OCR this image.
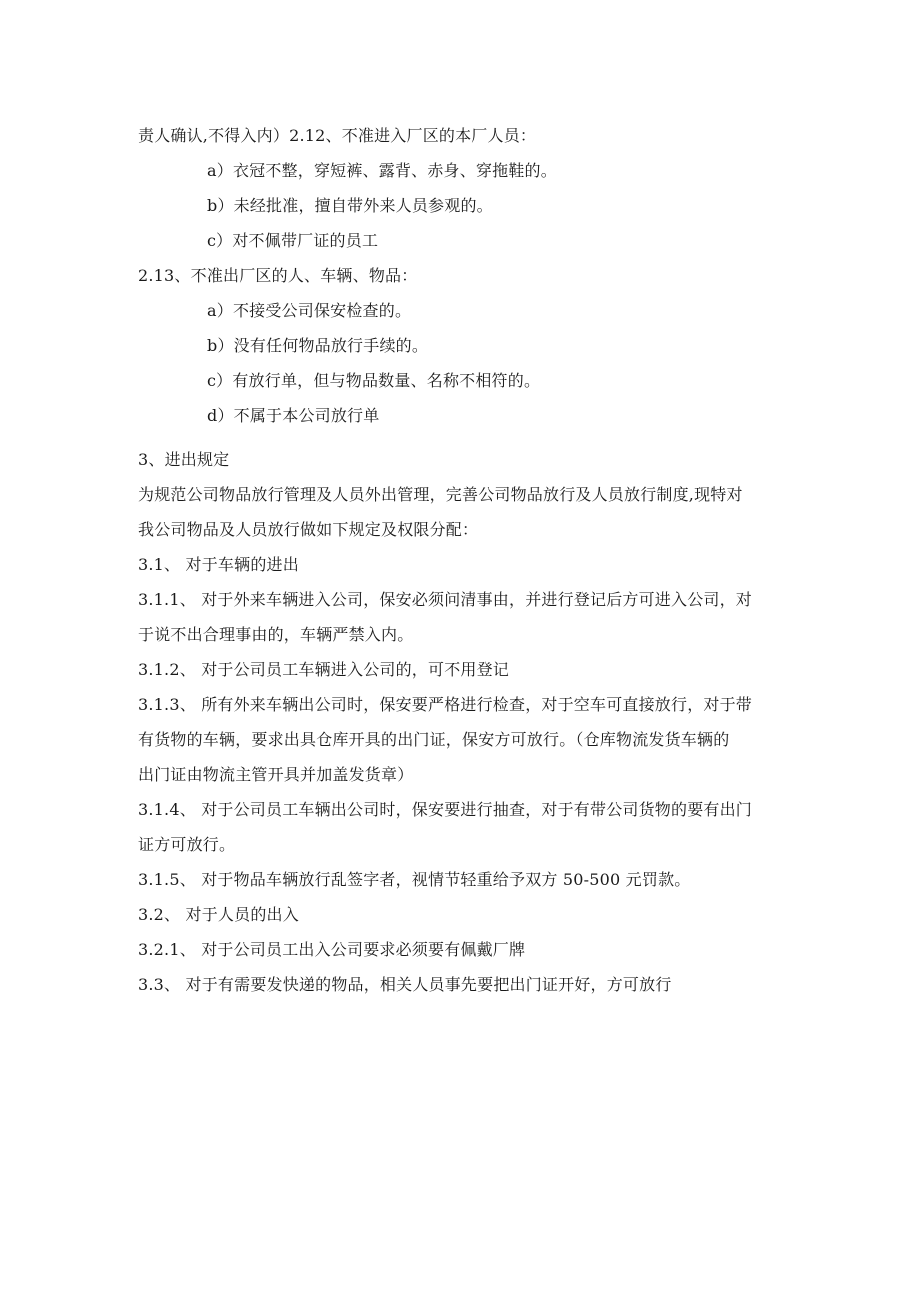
责人确认,不得入内）2.12、不准进入厂区的本厂人员：
a）衣冠不整，穿短裤、露背、赤身、穿拖鞋的。
b）未经批准，擅自带外来人员参观的。
c）对不佩带厂证的员工
2.13、不准出厂区的人、车辆、物品：
a）不接受公司保安检查的。
b）没有任何物品放行手续的。
c）有放行单，但与物品数量、名称不相符的。
d）不属于本公司放行单
3、进出规定
为规范公司物品放行管理及人员外出管理，完善公司物品放行及人员放行制度,现特对
我公司物品及人员放行做如下规定及权限分配：
3.1、 对于车辆的进出
3.1.1、 对于外来车辆进入公司，保安必须问清事由，并进行登记后方可进入公司，对
于说不出合理事由的，车辆严禁入内。
3.1.2、 对于公司员工车辆进入公司的，可不用登记
3.1.3、 所有外来车辆出公司时，保安要严格进行检查，对于空车可直接放行，对于带
有货物的车辆，要求出具仓库开具的出门证，保安方可放行。（仓库物流发货车辆的
出门证由物流主管开具并加盖发货章）
3.1.4、 对于公司员工车辆出公司时，保安要进行抽查，对于有带公司货物的要有出门
证方可放行。
3.1.5、 对于物品车辆放行乱签字者，视情节轻重给予双方 50-500 元罚款。
3.2、 对于人员的出入
3.2.1、 对于公司员工出入公司要求必须要有佩戴厂牌
3.3、 对于有需要发快递的物品，相关人员事先要把出门证开好，方可放行
